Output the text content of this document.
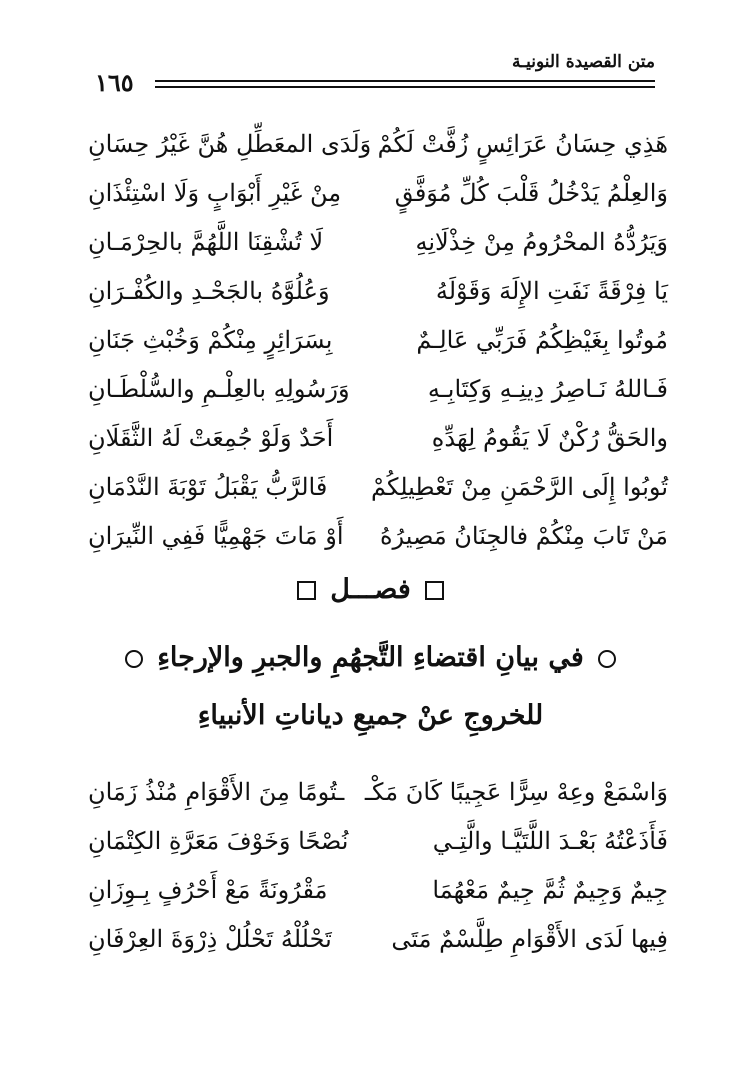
١٦٥
متن القصيدة النونيـة
هَذِي حِسَانُ عَرَائِسٍ زُفَّتْ لَكُمْ
وَلَدَى المعَطِّلِ هُنَّ غَيْرُ حِسَانِ
وَالعِلْمُ يَدْخُلُ قَلْبَ كُلِّ مُوَفَّقٍ
مِنْ غَيْرِ أَبْوَابٍ وَلَا اسْتِئْذَانِ
وَيَرُدُّهُ المحْرُومُ مِنْ خِذْلَانِهِ
لَا تُشْقِنَا اللَّهُمَّ بالحِرْمَـانِ
يَا فِرْقَةً نَفَتِ الإِلَهَ وَقَوْلَهُ
وَعُلُوَّهُ بالجَحْـدِ والكُفْـرَانِ
مُوتُوا بِغَيْظِكُمُ فَرَبِّي عَالِـمٌ
بِسَرَائِرٍ مِنْكُمْ وَخُبْثِ جَنَانِ
فَـاللهُ نَـاصِرُ دِينِـهِ وَكِتَابِـهِ
وَرَسُولِهِ بالعِلْـمِ والسُّلْطَـانِ
والحَقُّ رُكْنٌ لَا يَقُومُ لِهَدِّهِ
أَحَدٌ وَلَوْ جُمِعَتْ لَهُ الثَّقَلَانِ
تُوبُوا إِلَى الرَّحْمَنِ مِنْ تَعْطِيلِكُمْ
فَالرَّبُّ يَقْبَلُ تَوْبَةَ النَّدْمَانِ
مَنْ تَابَ مِنْكُمْ فالجِنَانُ مَصِيرُهُ
أَوْ مَاتَ جَهْمِيًّا فَفِي النِّيرَانِ
فصـــل
في بيانِ اقتضاءِ التَّجهُمِ والجبرِ والإرجاءِ
للخروجِ عنْ جميعِ دياناتِ الأنبياءِ
وَاسْمَعْ وعِهْ سِرًّا عَجِيبًا كَانَ مَكْـ
ـتُومًا مِنَ الأَقْوَامِ مُنْذُ زَمَانِ
فَأَذَعْتُهُ بَعْـدَ اللَّتَيَّـا والَّتِـي
نُصْحًا وَخَوْفَ مَعَرَّةِ الكِتْمَانِ
جِيمٌ وَجِيمٌ ثُمَّ جِيمٌ مَعْهُمَا
مَقْرُونَةً مَعْ أَحْرُفٍ بِـوِزَانِ
فِيها لَدَى الأَقْوَامِ طِلَّسْمٌ مَتَى
تَحْلُلْهُ تَحْلُلْ ذِرْوَةَ العِرْفَانِ
